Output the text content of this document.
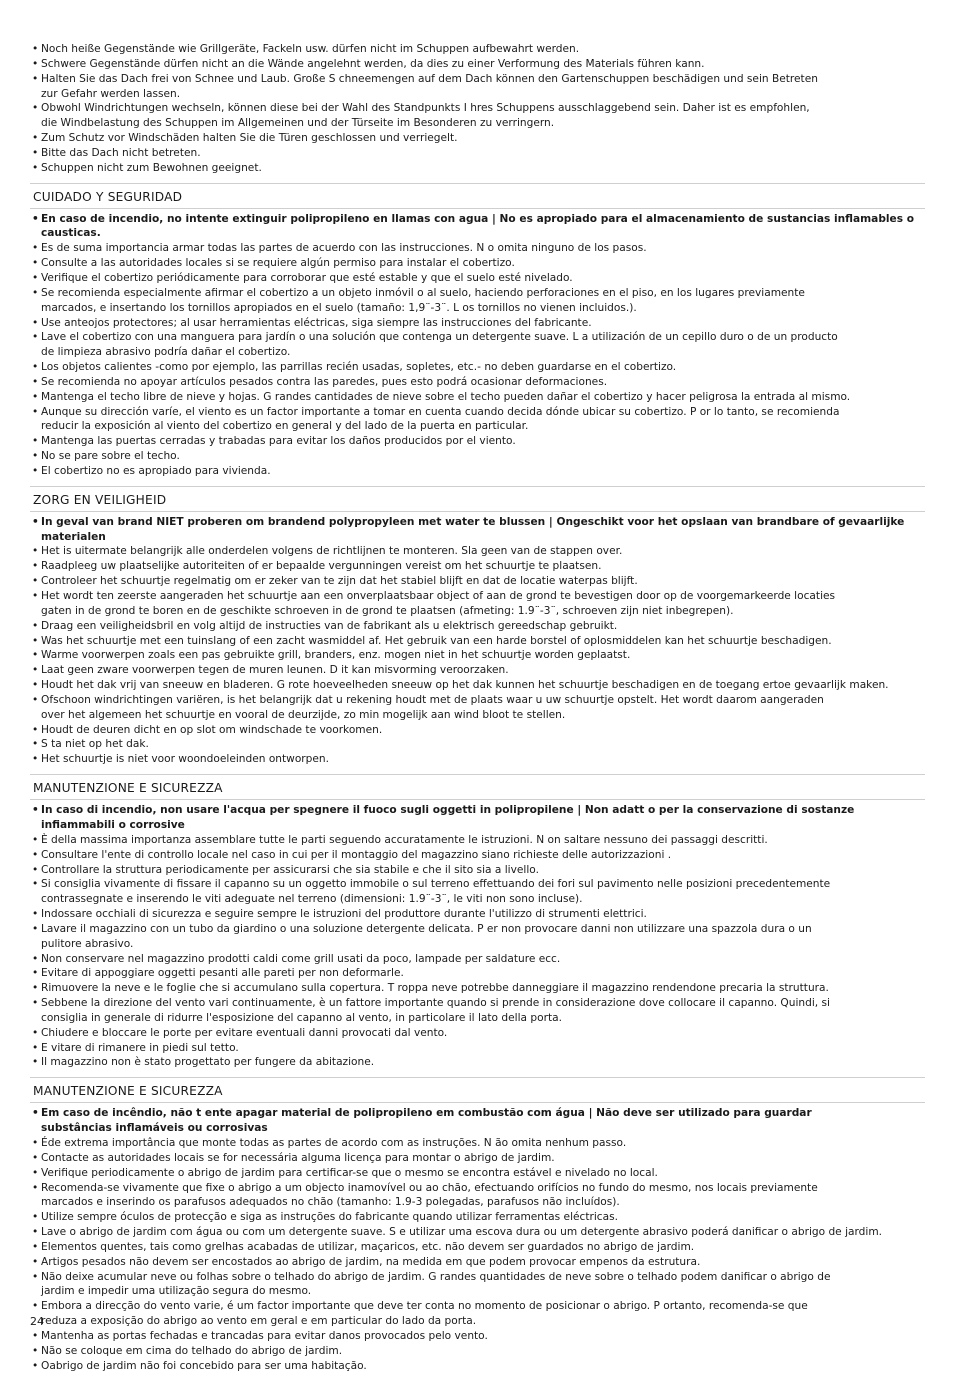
• Noch heiße Gegenstände wie Grillgeräte, Fackeln usw. dürfen nicht im Schuppen aufbewahrt werden.
• Schwere Gegenstände dürfen nicht an die Wände angelehnt werden, da dies zu einer Verformung des Materials führen kann.
• Halten Sie das Dach frei von Schnee und Laub. Große S chneemengen auf dem Dach können den Gartenschuppen beschädigen und sein Betreten
zur Gefahr werden lassen.
• Obwohl Windrichtungen wechseln, können diese bei der Wahl des Standpunkts I hres Schuppens ausschlaggebend sein. Daher ist es empfohlen,
die Windbelastung des Schuppen im Allgemeinen und der Türseite im Besonderen zu verringern.
• Zum Schutz vor Windschäden halten Sie die Türen geschlossen und verriegelt.
• Bitte das Dach nicht betreten.
• Schuppen nicht zum Bewohnen geeignet.
CUIDADO Y SEGURIDAD
• En caso de incendio, no intente extinguir polipropileno en llamas con agua | No es apropiado para el almacenamiento de sustancias inflamables o causticas.
• Es de suma importancia armar todas las partes de acuerdo con las instrucciones. N o omita ninguno de los pasos.
• Consulte a las autoridades locales si se requiere algún permiso para instalar el cobertizo.
• Verifique el cobertizo periódicamente para corroborar que esté estable y que el suelo esté nivelado.
• Se recomienda especialmente afirmar el cobertizo a un objeto inmóvil o al suelo, haciendo perforaciones en el piso, en los lugares previamente
marcados, e insertando los tornillos apropiados en el suelo (tamaño: 1,9¨-3¨. L os tornillos no vienen incluidos.).
• Use anteojos protectores; al usar herramientas eléctricas, siga siempre las instrucciones del fabricante.
• Lave el cobertizo con una manguera para jardín o una solución que contenga un detergente suave. L a utilización de un cepillo duro o de un producto
de limpieza abrasivo podría dañar el cobertizo.
• Los objetos calientes -como por ejemplo, las parrillas recién usadas, sopletes, etc.- no deben guardarse en el cobertizo.
• Se recomienda no apoyar artículos pesados contra las paredes, pues esto podrá ocasionar deformaciones.
• Mantenga el techo libre de nieve y hojas. G randes cantidades de nieve sobre el techo pueden dañar el cobertizo y hacer peligrosa la entrada al mismo.
• Aunque su dirección varíe, el viento es un factor importante a tomar en cuenta cuando decida dónde ubicar su cobertizo. P or lo tanto, se recomienda
reducir la exposición al viento del cobertizo en general y del lado de la puerta en particular.
• Mantenga las puertas cerradas y trabadas para evitar los daños producidos por el viento.
• No se pare sobre el techo.
• El cobertizo no es apropiado para vivienda.
ZORG EN VEILIGHEID
• In geval van brand NIET proberen om brandend polypropyleen met water te blussen | Ongeschikt voor het opslaan van brandbare of gevaarlijke materialen
• Het is uitermate belangrijk alle onderdelen volgens de richtlijnen te monteren. Sla geen van de stappen over.
• Raadpleeg uw plaatselijke autoriteiten of er bepaalde vergunningen vereist om het schuurtje te plaatsen.
• Controleer het schuurtje regelmatig om er zeker van te zijn dat het stabiel blijft en dat de locatie waterpas blijft.
• Het wordt ten zeerste aangeraden het schuurtje aan een onverplaatsbaar object of aan de grond te bevestigen door op de voorgemarkeerde locaties
gaten in de grond te boren en de geschikte schroeven in de grond te plaatsen (afmeting: 1.9¨-3¨, schroeven zijn niet inbegrepen).
• Draag een veiligheidsbril en volg altijd de instructies van de fabrikant als u elektrisch gereedschap gebruikt.
• Was het schuurtje met een tuinslang of een zacht wasmiddel af. Het gebruik van een harde borstel of oplosmiddelen kan het schuurtje beschadigen.
• Warme voorwerpen zoals een pas gebruikte grill, branders, enz. mogen niet in het schuurtje worden geplaatst.
• Laat geen zware voorwerpen tegen de muren leunen. D it kan misvorming veroorzaken.
• Houdt het dak vrij van sneeuw en bladeren. G rote hoeveelheden sneeuw op het dak kunnen het schuurtje beschadigen en de toegang ertoe gevaarlijk maken.
• Ofschoon windrichtingen variëren, is het belangrijk dat u rekening houdt met de plaats waar u uw schuurtje opstelt. Het wordt daarom aangeraden
over het algemeen het schuurtje en vooral de deurzijde, zo min mogelijk aan wind bloot te stellen.
• Houdt de deuren dicht en op slot om windschade te voorkomen.
• S ta niet op het dak.
• Het schuurtje is niet voor woondoeleinden ontworpen.
MANUTENZIONE E SICUREZZA
• In caso di incendio, non usare l'acqua per spegnere il fuoco sugli oggetti in polipropilene | Non adatt o per la conservazione di sostanze infiammabili o corrosive
• È della massima importanza assemblare tutte le parti seguendo accuratamente le istruzioni. N on saltare nessuno dei passaggi descritti.
• Consultare l'ente di controllo locale nel caso in cui per il montaggio del magazzino siano richieste delle autorizzazioni .
• Controllare la struttura periodicamente per assicurarsi che sia stabile e che il sito sia a livello.
• Si consiglia vivamente di fissare il capanno su un oggetto immobile o sul terreno effettuando dei fori sul pavimento nelle posizioni precedentemente
contrassegnate e inserendo le viti adeguate nel terreno (dimensioni: 1.9¨-3¨, le viti non sono incluse).
• Indossare occhiali di sicurezza e seguire sempre le istruzioni del produttore durante l'utilizzo di strumenti elettrici.
• Lavare il magazzino con un tubo da giardino o una soluzione detergente delicata. P er non provocare danni non utilizzare una spazzola dura o un
pulitore abrasivo.
• Non conservare nel magazzino prodotti caldi come grill usati da poco, lampade per saldature ecc.
• Evitare di appoggiare oggetti pesanti alle pareti per non deformarle.
• Rimuovere la neve e le foglie che si accumulano sulla copertura. T roppa neve potrebbe danneggiare il magazzino rendendone precaria la struttura.
• Sebbene la direzione del vento vari continuamente, è un fattore importante quando si prende in considerazione dove collocare il capanno. Quindi, si
consiglia in generale di ridurre l'esposizione del capanno al vento, in particolare il lato della porta.
• Chiudere e bloccare le porte per evitare eventuali danni provocati dal vento.
• E vitare di rimanere in piedi sul tetto.
• Il magazzino non è stato progettato per fungere da abitazione.
MANUTENZIONE E SICUREZZA
• Em caso de incêndio, não t ente apagar material de polipropileno em combustão com água | Não deve ser utilizado para guardar
substâncias inflamáveis ou corrosivas
• Éde extrema importância que monte todas as partes de acordo com as instruções. N ão omita nenhum passo.
• Contacte as autoridades locais se for necessária alguma licença para montar o abrigo de jardim.
• Verifique periodicamente o abrigo de jardim para certificar-se que o mesmo se encontra estável e nivelado no local.
• Recomenda-se vivamente que fixe o abrigo a um objecto inamovível ou ao chão, efectuando orifícios no fundo do mesmo, nos locais previamente
marcados e inserindo os parafusos adequados no chão (tamanho: 1.9-3 polegadas, parafusos não incluídos).
• Utilize sempre óculos de protecção e siga as instruções do fabricante quando utilizar ferramentas eléctricas.
• Lave o abrigo de jardim com água ou com um detergente suave. S e utilizar uma escova dura ou um detergente abrasivo poderá danificar o abrigo de jardim.
• Elementos quentes, tais como grelhas acabadas de utilizar, maçaricos, etc. não devem ser guardados no abrigo de jardim.
• Artigos pesados não devem ser encostados ao abrigo de jardim, na medida em que podem provocar empenos da estrutura.
• Não deixe acumular neve ou folhas sobre o telhado do abrigo de jardim. G randes quantidades de neve sobre o telhado podem danificar o abrigo de
jardim e impedir uma utilização segura do mesmo.
• Embora a direcção do vento varie, é um factor importante que deve ter conta no momento de posicionar o abrigo. P ortanto, recomenda-se que
reduza a exposição do abrigo ao vento em geral e em particular do lado da porta.
• Mantenha as portas fechadas e trancadas para evitar danos provocados pelo vento.
• Não se coloque em cima do telhado do abrigo de jardim.
• Oabrigo de jardim não foi concebido para ser uma habitação.
24
